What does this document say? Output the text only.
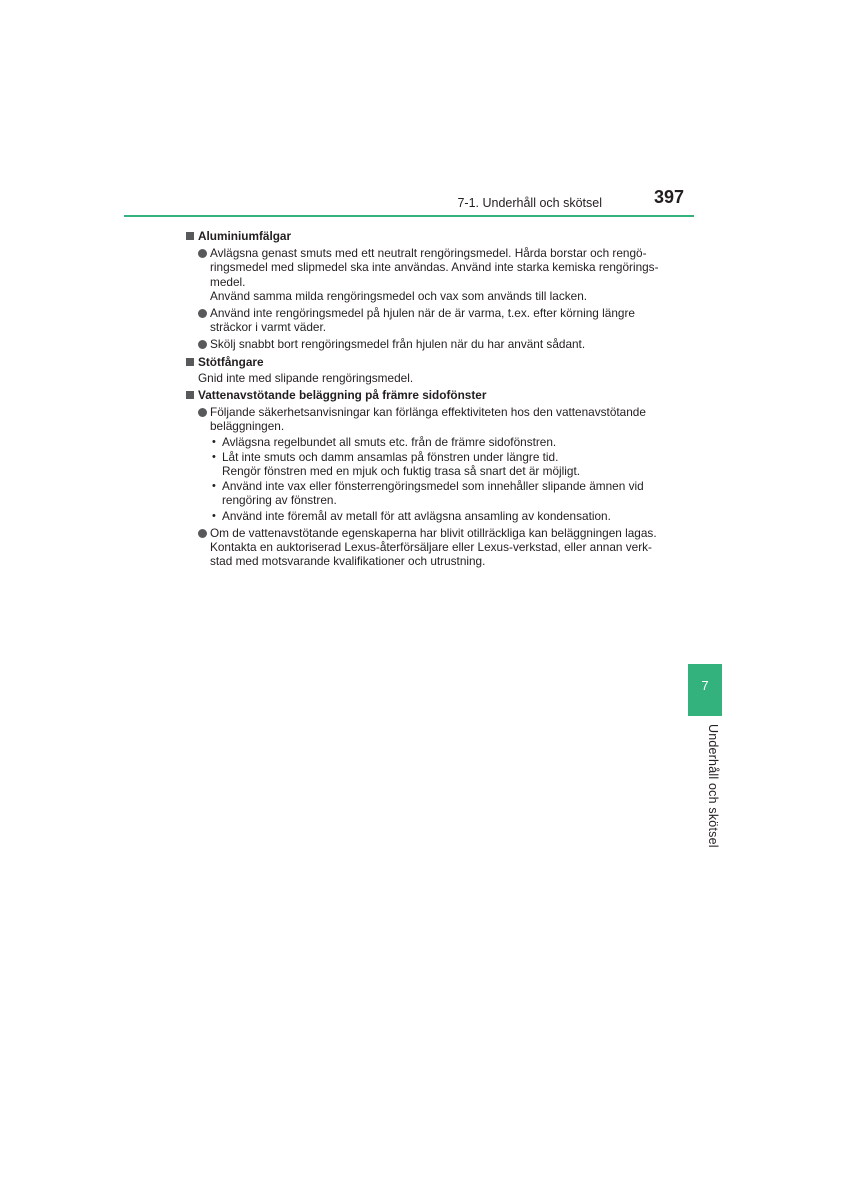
7-1. Underhåll och skötsel	397
Aluminiumfälgar
Avlägsna genast smuts med ett neutralt rengöringsmedel. Hårda borstar och rengö-
ringsmedel med slipmedel ska inte användas. Använd inte starka kemiska rengörings-
medel.
Använd samma milda rengöringsmedel och vax som används till lacken.
Använd inte rengöringsmedel på hjulen när de är varma, t.ex. efter körning längre
sträckor i varmt väder.
Skölj snabbt bort rengöringsmedel från hjulen när du har använt sådant.
Stötfångare
Gnid inte med slipande rengöringsmedel.
Vattenavstötande beläggning på främre sidofönster
Följande säkerhetsanvisningar kan förlänga effektiviteten hos den vattenavstötande
beläggningen.
• Avlägsna regelbundet all smuts etc. från de främre sidofönstren.
• Låt inte smuts och damm ansamlas på fönstren under längre tid.
Rengör fönstren med en mjuk och fuktig trasa så snart det är möjligt.
• Använd inte vax eller fönsterrengöringsmedel som innehåller slipande ämnen vid
rengöring av fönstren.
• Använd inte föremål av metall för att avlägsna ansamling av kondensation.
Om de vattenavstötande egenskaperna har blivit otillräckliga kan beläggningen lagas.
Kontakta en auktoriserad Lexus-återförsäljare eller Lexus-verkstad, eller annan verk-
stad med motsvarande kvalifikationer och utrustning.
7
Underhåll och skötsel
